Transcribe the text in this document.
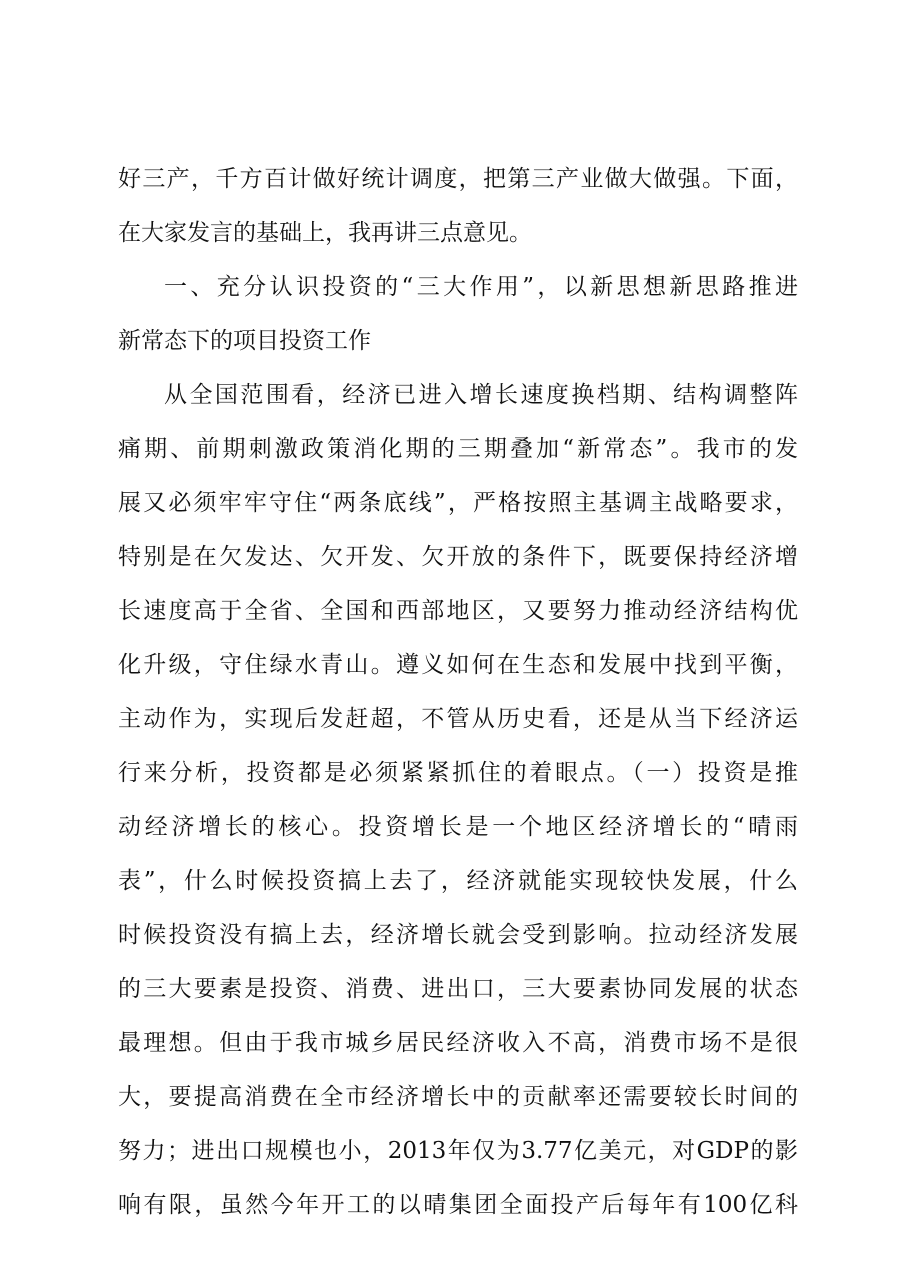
好三产，千方百计做好统计调度，把第三产业做大做强。下面，
在大家发言的基础上，我再讲三点意见。
一、充分认识投资的“三大作用”，以新思想新思路推进
新常态下的项目投资工作
从全国范围看，经济已进入增长速度换档期、结构调整阵
痛期、前期刺激政策消化期的三期叠加“新常态”。我市的发
展又必须牢牢守住“两条底线”，严格按照主基调主战略要求，
特别是在欠发达、欠开发、欠开放的条件下，既要保持经济增
长速度高于全省、全国和西部地区，又要努力推动经济结构优
化升级，守住绿水青山。遵义如何在生态和发展中找到平衡，
主动作为，实现后发赶超，不管从历史看，还是从当下经济运
行来分析，投资都是必须紧紧抓住的着眼点。（一）投资是推
动经济增长的核心。投资增长是一个地区经济增长的“晴雨
表”，什么时候投资搞上去了，经济就能实现较快发展，什么
时候投资没有搞上去，经济增长就会受到影响。拉动经济发展
的三大要素是投资、消费、进出口，三大要素协同发展的状态
最理想。但由于我市城乡居民经济收入不高，消费市场不是很
大，要提高消费在全市经济增长中的贡献率还需要较长时间的
努力；进出口规模也小，2013年仅为3.77亿美元，对GDP的影
响有限，虽然今年开工的以晴集团全面投产后每年有100亿科
